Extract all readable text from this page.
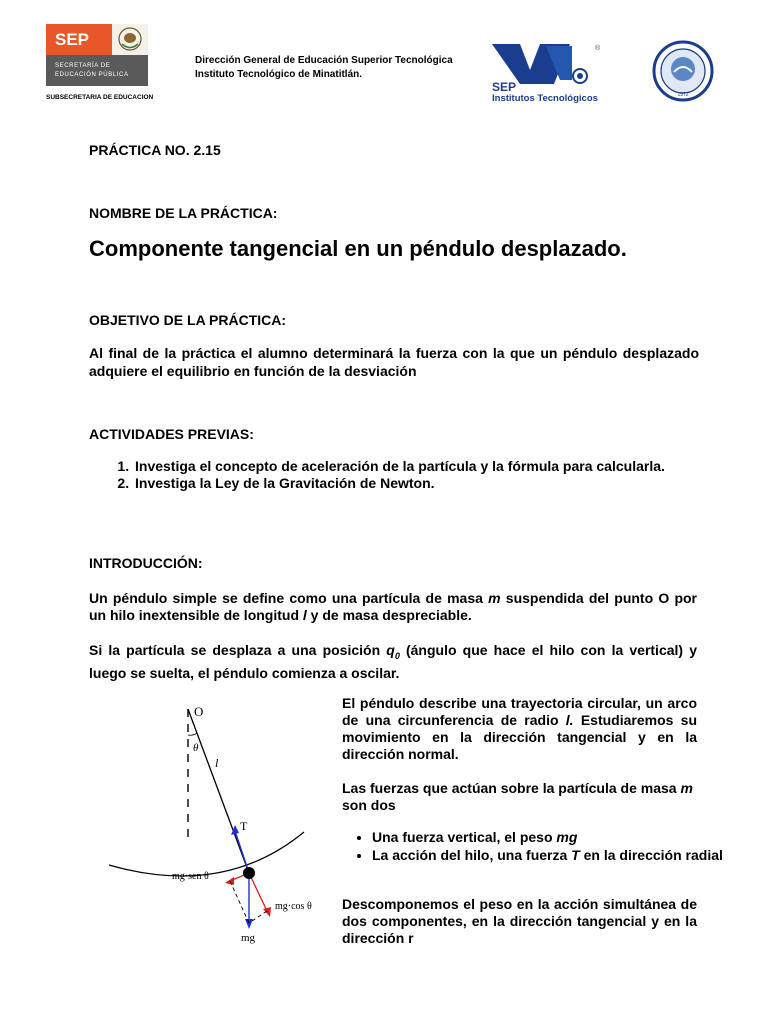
SEP
SECRETARÍA DE
EDUCACIÓN PÚBLICA
SUBSECRETARIA DE EDUCACION
Dirección General de Educación Superior Tecnológica
Instituto Tecnológico de Minatitlán.
SEP
Institutos Tecnológicos
®
1972
PRÁCTICA NO. 2.15
NOMBRE DE LA PRÁCTICA:
Componente tangencial en un péndulo desplazado.
OBJETIVO DE LA PRÁCTICA:
Al final de la práctica el alumno determinará la fuerza con la que un péndulo desplazado adquiere el equilibrio en función de la desviación
ACTIVIDADES PREVIAS:
1. Investiga el concepto de aceleración de la partícula y la fórmula para calcularla.
2. Investiga la Ley de la Gravitación de Newton.
INTRODUCCIÓN:
Un péndulo simple se define como una partícula de masa m suspendida del punto O por un hilo inextensible de longitud l y de masa despreciable.
Si la partícula se desplaza a una posición $q_0$ (ángulo que hace el hilo con la vertical) y luego se suelta, el péndulo comienza a oscilar.
O
θ
l
T
mg·sen θ
mg·cos θ
mg
El péndulo describe una trayectoria circular, un arco de una circunferencia de radio l. Estudiaremos su movimiento en la dirección tangencial y en la dirección normal.
Las fuerzas que actúan sobre la partícula de masa m son dos
• Una fuerza vertical, el peso mg
• La acción del hilo, una fuerza T en la dirección radial
Descomponemos el peso en la acción simultánea de dos componentes, en la dirección tangencial y en la dirección r
